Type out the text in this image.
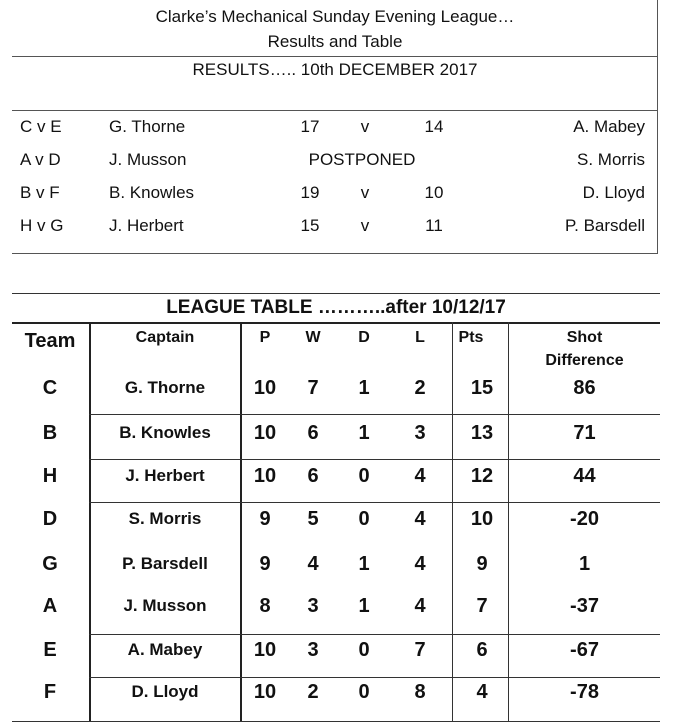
Clarke’s Mechanical Sunday Evening League…
Results and Table
RESULTS….. 10th DECEMBER 2017
C v E	G. Thorne	17	v	14	A. Mabey
A v D	J. Musson	POSTPONED	S. Morris
B v F	B. Knowles	19	v	10	D. Lloyd
H v G	J. Herbert	15	v	11	P. Barsdell
LEAGUE TABLE ………..after 10/12/17
Team	Captain	P	W	D	L	Pts	Shot
Difference
C	G. Thorne	10	7	1	2	15	86
B	B. Knowles	10	6	1	3	13	71
H	J. Herbert	10	6	0	4	12	44
D	S. Morris	9	5	0	4	10	-20
G	P. Barsdell	9	4	1	4	9	1
A	J. Musson	8	3	1	4	7	-37
E	A. Mabey	10	3	0	7	6	-67
F	D. Lloyd	10	2	0	8	4	-78
